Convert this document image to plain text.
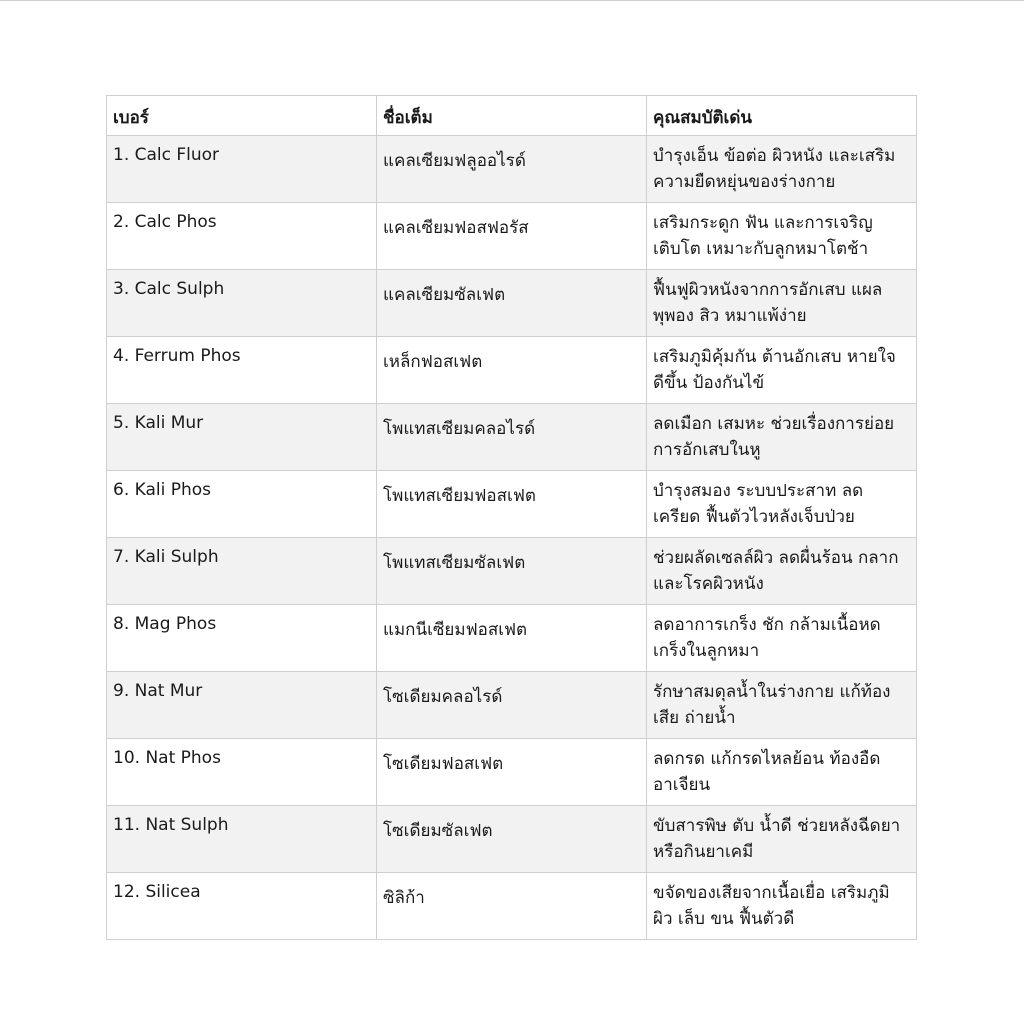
เบอร์	ชื่อเต็ม	คุณสมบัติเด่น
1. Calc Fluor	แคลเซียมฟลูออไรด์	บำรุงเอ็น ข้อต่อ ผิวหนัง และเสริม ความยืดหยุ่นของร่างกาย
2. Calc Phos	แคลเซียมฟอสฟอรัส	เสริมกระดูก ฟัน และการเจริญ เติบโต เหมาะกับลูกหมาโตช้า
3. Calc Sulph	แคลเซียมซัลเฟต	ฟื้นฟูผิวหนังจากการอักเสบ แผล พุพอง สิว หมาแพ้ง่าย
4. Ferrum Phos	เหล็กฟอสเฟต	เสริมภูมิคุ้มกัน ต้านอักเสบ หายใจ ดีขึ้น ป้องกันไข้
5. Kali Mur	โพแทสเซียมคลอไรด์	ลดเมือก เสมหะ ช่วยเรื่องการย่อย การอักเสบในหู
6. Kali Phos	โพแทสเซียมฟอสเฟต	บำรุงสมอง ระบบประสาท ลด เครียด ฟื้นตัวไวหลังเจ็บป่วย
7. Kali Sulph	โพแทสเซียมซัลเฟต	ช่วยผลัดเซลล์ผิว ลดผื่นร้อน กลาก และโรคผิวหนัง
8. Mag Phos	แมกนีเซียมฟอสเฟต	ลดอาการเกร็ง ชัก กล้ามเนื้อหด เกร็งในลูกหมา
9. Nat Mur	โซเดียมคลอไรด์	รักษาสมดุลน้ำในร่างกาย แก้ท้อง เสีย ถ่ายน้ำ
10. Nat Phos	โซเดียมฟอสเฟต	ลดกรด แก้กรดไหลย้อน ท้องอืด อาเจียน
11. Nat Sulph	โซเดียมซัลเฟต	ขับสารพิษ ตับ น้ำดี ช่วยหลังฉีดยา หรือกินยาเคมี
12. Silicea	ซิลิก้า	ขจัดของเสียจากเนื้อเยื่อ เสริมภูมิ ผิว เล็บ ขน ฟื้นตัวดี
